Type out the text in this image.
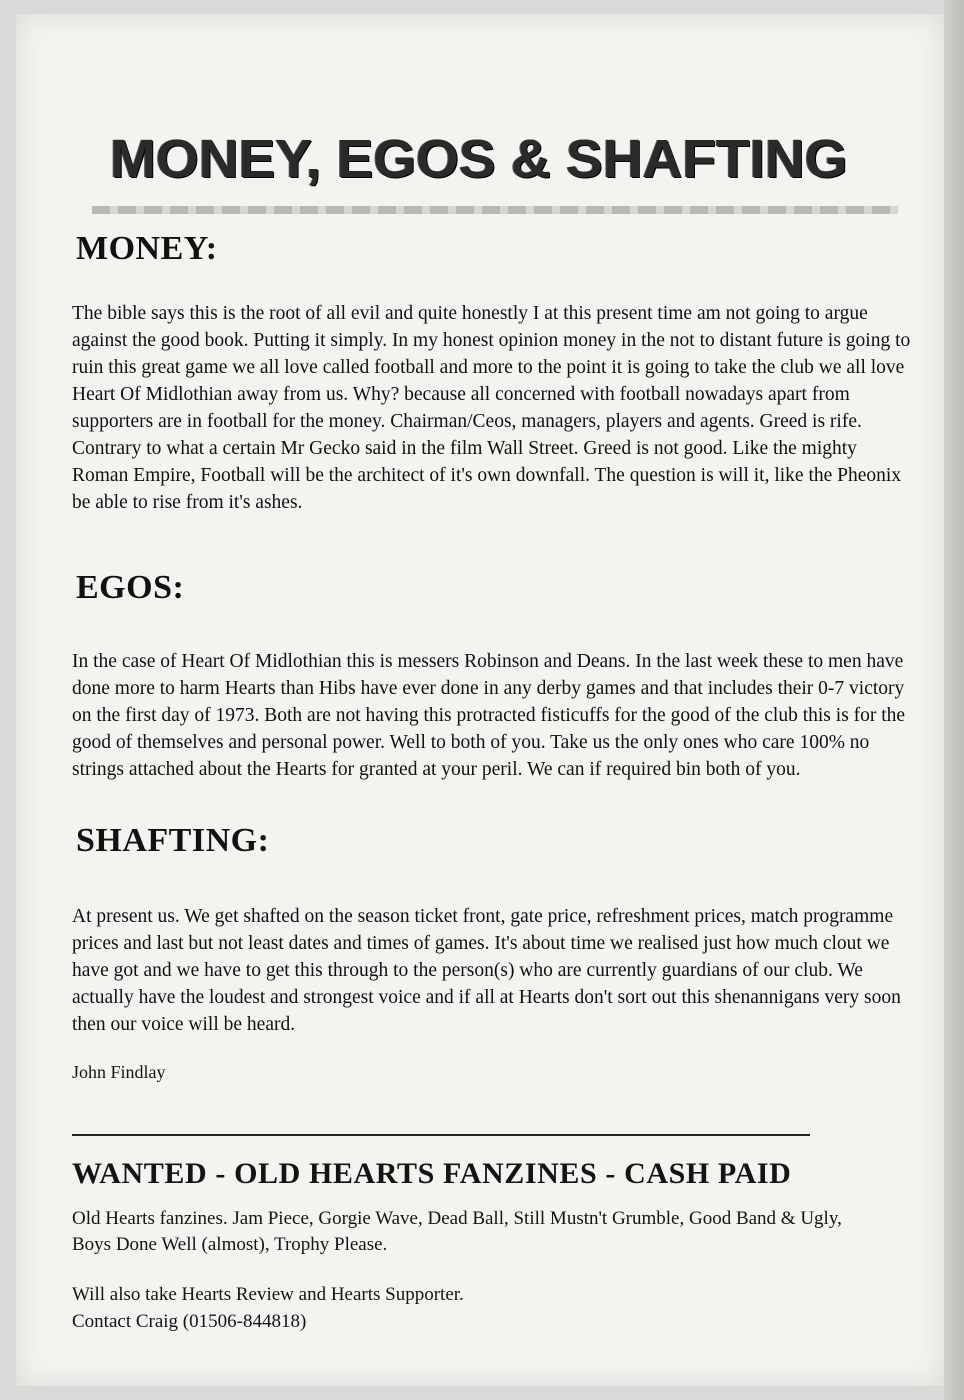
MONEY, EGOS & SHAFTING
MONEY:
The bible says this is the root of all evil and quite honestly I at this present time am not going to argue against the good book. Putting it simply. In my honest opinion money in the not to distant future is going to ruin this great game we all love called football and more to the point it is going to take the club we all love Heart Of Midlothian away from us. Why? because all concerned with football nowadays apart from supporters are in football for the money. Chairman/Ceos, managers, players and agents. Greed is rife. Contrary to what a certain Mr Gecko said in the film Wall Street. Greed is not good. Like the mighty Roman Empire, Football will be the architect of it's own downfall. The question is will it, like the Pheonix be able to rise from it's ashes.
EGOS:
In the case of Heart Of Midlothian this is messers Robinson and Deans. In the last week these to men have done more to harm Hearts than Hibs have ever done in any derby games and that includes their 0-7 victory on the first day of 1973. Both are not having this protracted fisticuffs for the good of the club this is for the good of themselves and personal power. Well to both of you. Take us the only ones who care 100% no strings attached about the Hearts for granted at your peril. We can if required bin both of you.
SHAFTING:
At present us. We get shafted on the season ticket front, gate price, refreshment prices, match programme prices and last but not least dates and times of games. It's about time we realised just how much clout we have got and we have to get this through to the person(s) who are currently guardians of our club. We actually have the loudest and strongest voice and if all at Hearts don't sort out this shenannigans very soon then our voice will be heard.
John Findlay
WANTED - OLD HEARTS FANZINES - CASH PAID
Old Hearts fanzines. Jam Piece, Gorgie Wave, Dead Ball, Still Mustn't Grumble, Good Band & Ugly, Boys Done Well (almost), Trophy Please.
Will also take Hearts Review and Hearts Supporter.
Contact Craig (01506-844818)
